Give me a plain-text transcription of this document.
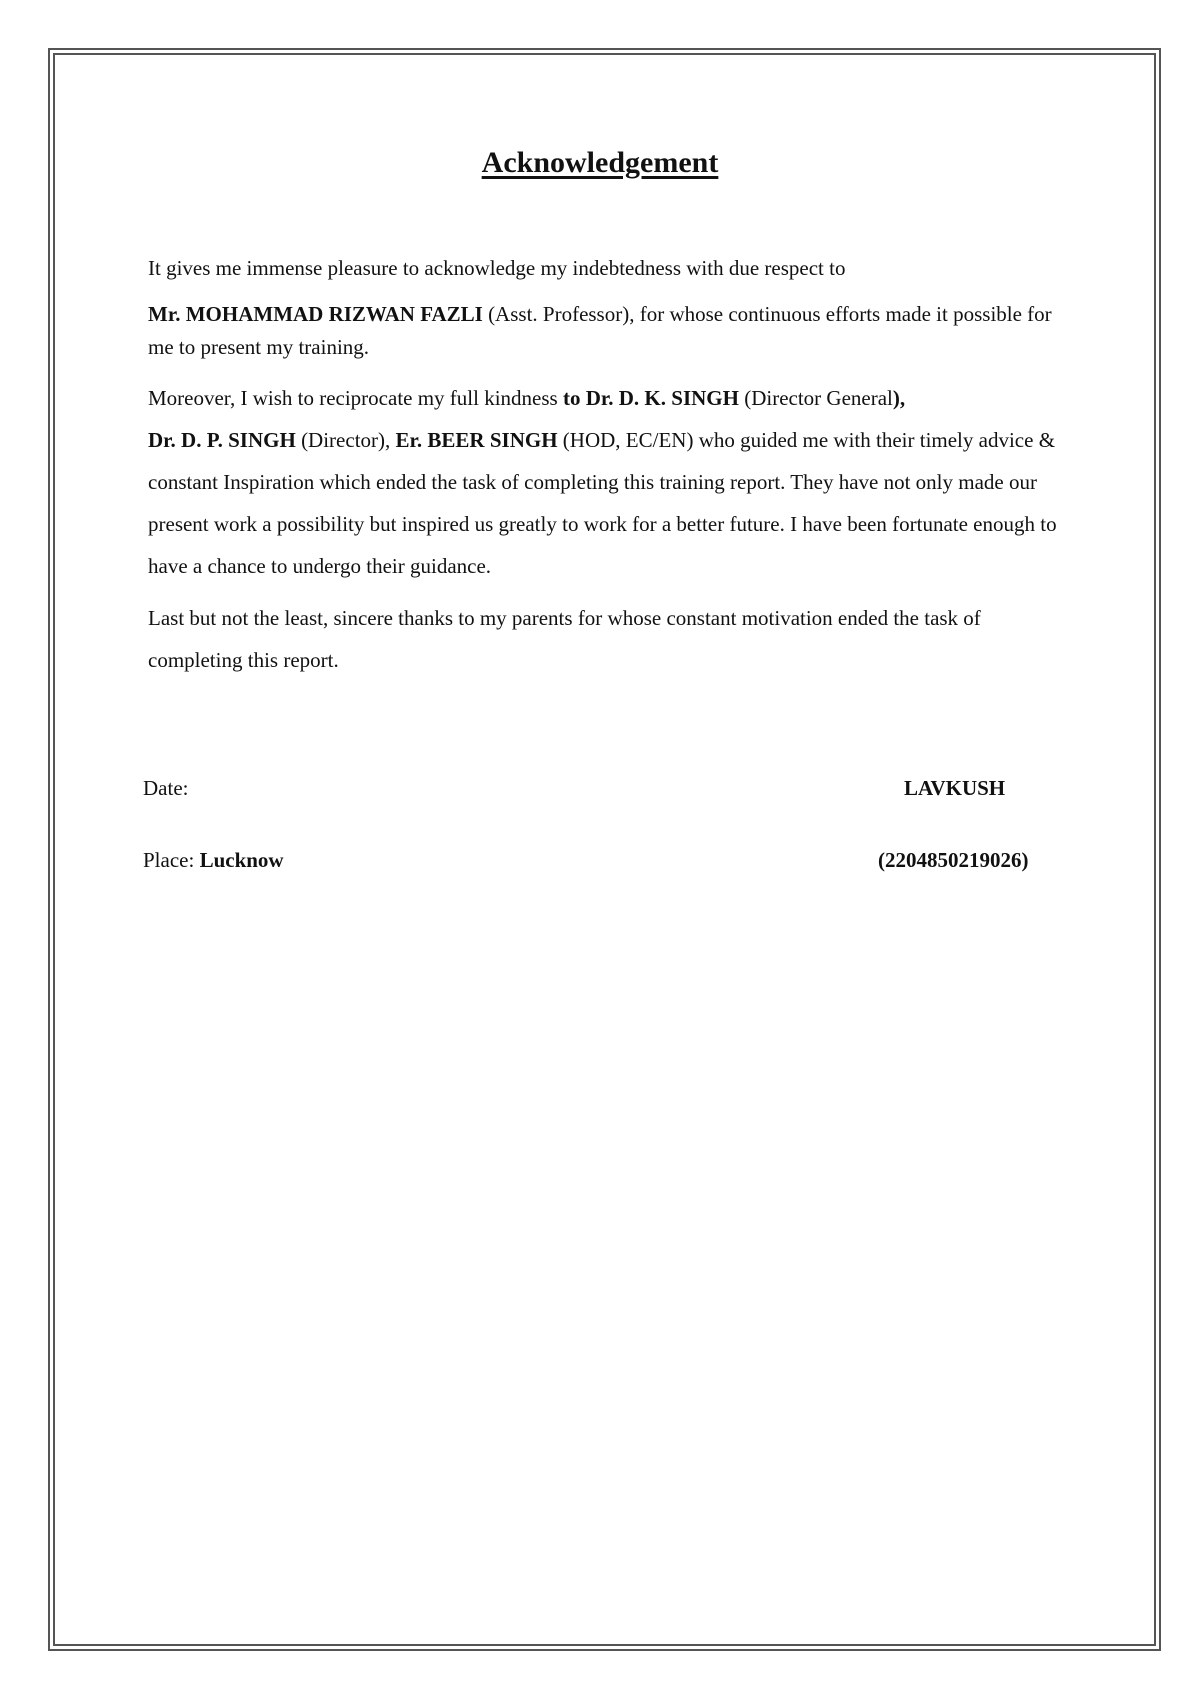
Acknowledgement

It gives me immense pleasure to acknowledge my indebtedness with due respect to

Mr. MOHAMMAD RIZWAN FAZLI (Asst. Professor), for whose continuous efforts made it possible for me to present my training.

Moreover, I wish to reciprocate my full kindness to Dr. D. K. SINGH (Director General),
Dr. D. P. SINGH (Director), Er. BEER SINGH (HOD, EC/EN) who guided me with their timely advice & constant Inspiration which ended the task of completing this training report. They have not only made our present work a possibility but inspired us greatly to work for a better future. I have been fortunate enough to have a chance to undergo their guidance.

Last but not the least, sincere thanks to my parents for whose constant motivation ended the task of completing this report.

Date:
Place: Lucknow
LAVKUSH
(2204850219026)
